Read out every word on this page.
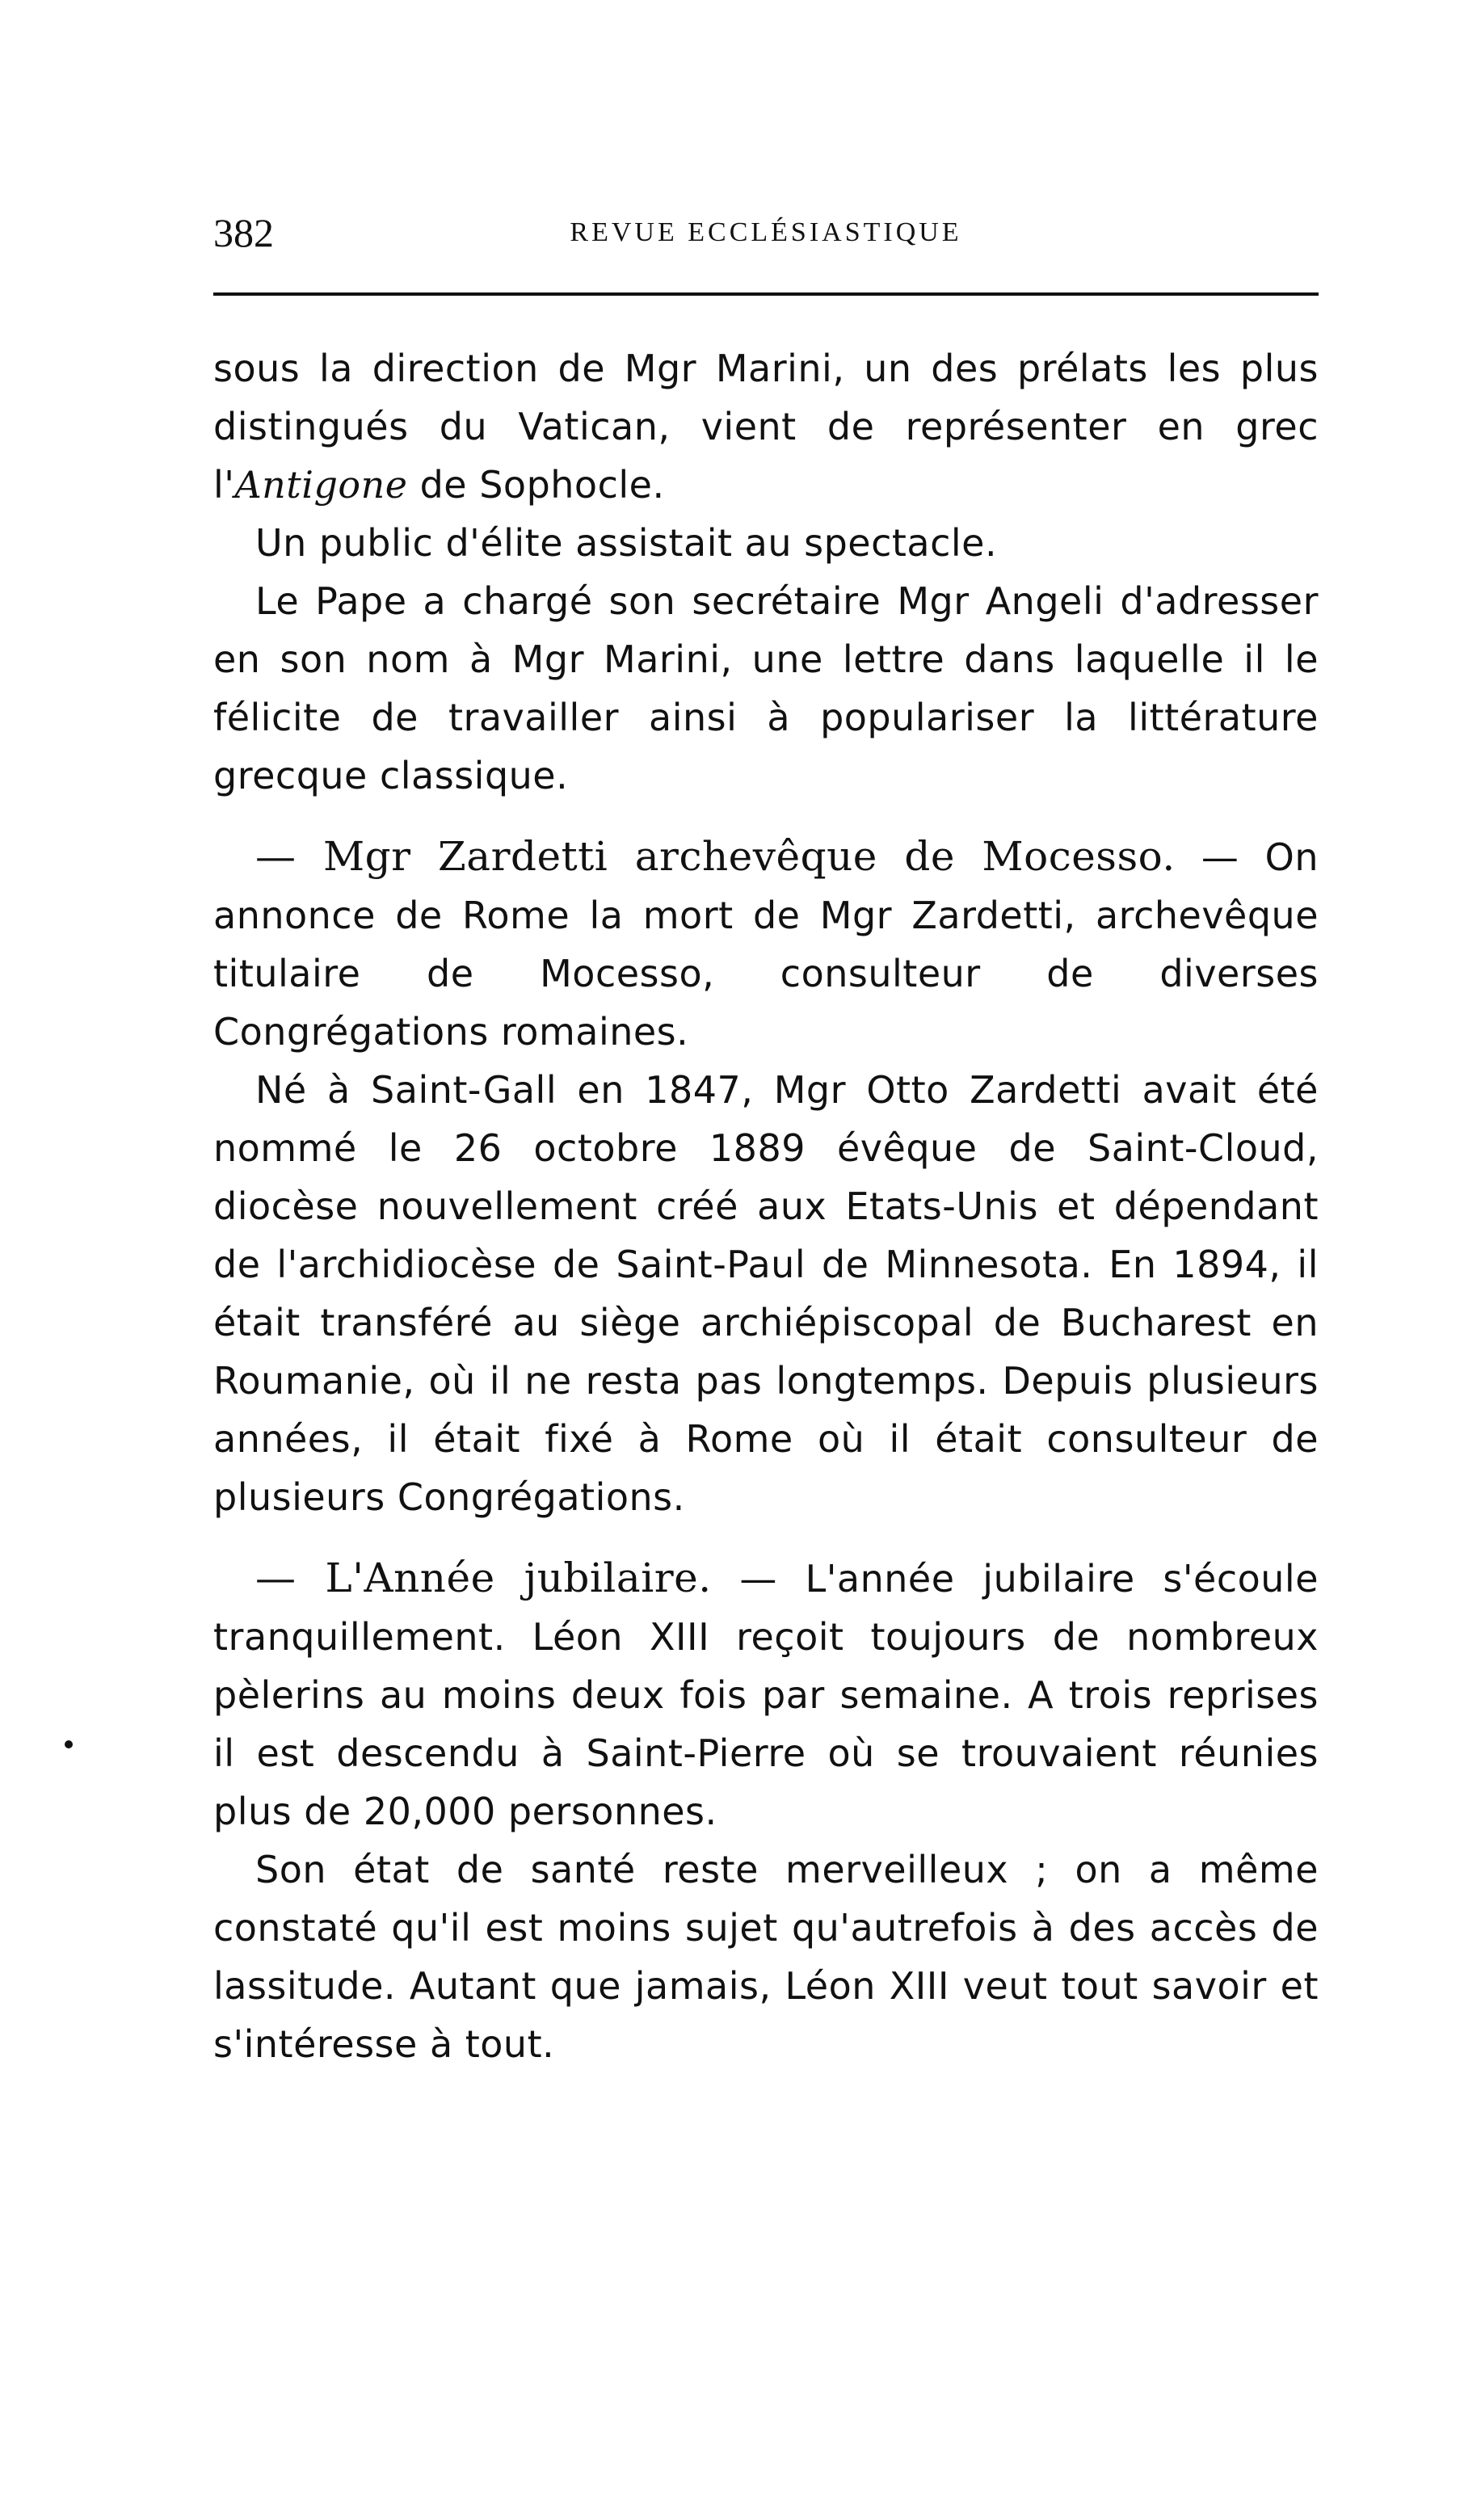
382	REVUE ECCLÉSIASTIQUE

sous la direction de Mgr Marini, un des prélats les plus distingués du Vatican, vient de représenter en grec l'Antigone de Sophocle.

Un public d'élite assistait au spectacle.

Le Pape a chargé son secrétaire Mgr Angeli d'adresser en son nom à Mgr Marini, une lettre dans laquelle il le félicite de travailler ainsi à populariser la littérature grecque classique.

— Mgr Zardetti archevêque de Mocesso. — On annonce de Rome la mort de Mgr Zardetti, archevêque titulaire de Mocesso, consulteur de diverses Congrégations romaines.

Né à Saint-Gall en 1847, Mgr Otto Zardetti avait été nommé le 26 octobre 1889 évêque de Saint-Cloud, diocèse nouvellement créé aux Etats-Unis et dépendant de l'archidiocèse de Saint-Paul de Minnesota. En 1894, il était transféré au siège archiépiscopal de Bucharest en Roumanie, où il ne resta pas longtemps. Depuis plusieurs années, il était fixé à Rome où il était consulteur de plusieurs Congrégations.

— L'Année jubilaire. — L'année jubilaire s'écoule tranquillement. Léon XIII reçoit toujours de nombreux pèlerins au moins deux fois par semaine. A trois reprises il est descendu à Saint-Pierre où se trouvaient réunies plus de 20,000 personnes.

Son état de santé reste merveilleux ; on a même constaté qu'il est moins sujet qu'autrefois à des accès de lassitude. Autant que jamais, Léon XIII veut tout savoir et s'intéresse à tout.
